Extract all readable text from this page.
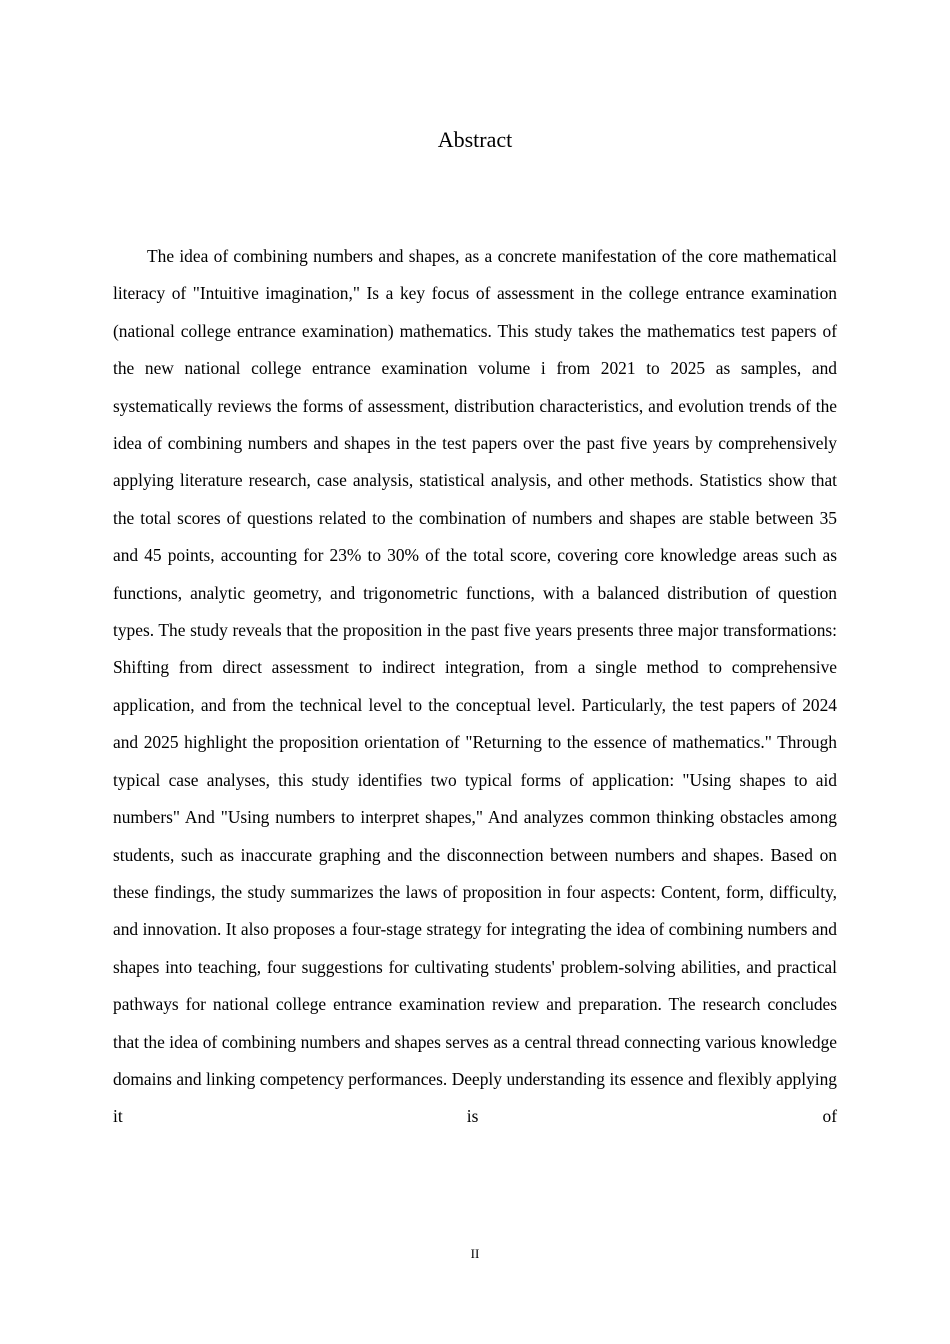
Abstract

The idea of combining numbers and shapes, as a concrete manifestation of the core mathematical literacy of "Intuitive imagination," Is a key focus of assessment in the college entrance examination (national college entrance examination) mathematics. This study takes the mathematics test papers of the new national college entrance examination volume i from 2021 to 2025 as samples, and systematically reviews the forms of assessment, distribution characteristics, and evolution trends of the idea of combining numbers and shapes in the test papers over the past five years by comprehensively applying literature research, case analysis, statistical analysis, and other methods. Statistics show that the total scores of questions related to the combination of numbers and shapes are stable between 35 and 45 points, accounting for 23% to 30% of the total score, covering core knowledge areas such as functions, analytic geometry, and trigonometric functions, with a balanced distribution of question types. The study reveals that the proposition in the past five years presents three major transformations: Shifting from direct assessment to indirect integration, from a single method to comprehensive application, and from the technical level to the conceptual level. Particularly, the test papers of 2024 and 2025 highlight the proposition orientation of "Returning to the essence of mathematics." Through typical case analyses, this study identifies two typical forms of application: "Using shapes to aid numbers" And "Using numbers to interpret shapes," And analyzes common thinking obstacles among students, such as inaccurate graphing and the disconnection between numbers and shapes. Based on these findings, the study summarizes the laws of proposition in four aspects: Content, form, difficulty, and innovation. It also proposes a four-stage strategy for integrating the idea of combining numbers and shapes into teaching, four suggestions for cultivating students' problem-solving abilities, and practical pathways for national college entrance examination review and preparation. The research concludes that the idea of combining numbers and shapes serves as a central thread connecting various knowledge domains and linking competency performances. Deeply understanding its essence and flexibly applying it is of

II
